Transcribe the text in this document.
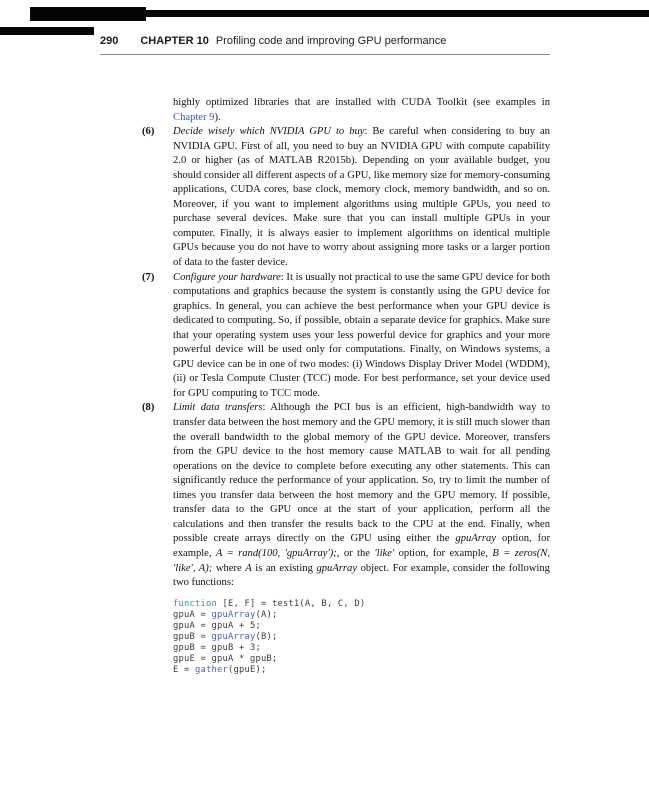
290 CHAPTER 10 Profiling code and improving GPU performance

highly optimized libraries that are installed with CUDA Toolkit (see examples in Chapter 9).

(6) Decide wisely which NVIDIA GPU to buy: Be careful when considering to buy an NVIDIA GPU. First of all, you need to buy an NVIDIA GPU with compute capability 2.0 or higher (as of MATLAB R2015b). Depending on your available budget, you should consider all different aspects of a GPU, like memory size for memory-consuming applications, CUDA cores, base clock, memory clock, memory bandwidth, and so on. Moreover, if you want to implement algorithms using multiple GPUs, you need to purchase several devices. Make sure that you can install multiple GPUs in your computer. Finally, it is always easier to implement algorithms on identical multiple GPUs because you do not have to worry about assigning more tasks or a larger portion of data to the faster device.
(7) Configure your hardware: It is usually not practical to use the same GPU device for both computations and graphics because the system is constantly using the GPU device for graphics. In general, you can achieve the best performance when your GPU device is dedicated to computing. So, if possible, obtain a separate device for graphics. Make sure that your operating system uses your less powerful device for graphics and your more powerful device will be used only for computations. Finally, on Windows systems, a GPU device can be in one of two modes: (i) Windows Display Driver Model (WDDM), (ii) or Tesla Compute Cluster (TCC) mode. For best performance, set your device used for GPU computing to TCC mode.
(8) Limit data transfers: Although the PCI bus is an efficient, high-bandwidth way to transfer data between the host memory and the GPU memory, it is still much slower than the overall bandwidth to the global memory of the GPU device. Moreover, transfers from the GPU device to the host memory cause MATLAB to wait for all pending operations on the device to complete before executing any other statements. This can significantly reduce the performance of your application. So, try to limit the number of times you transfer data between the host memory and the GPU memory. If possible, transfer data to the GPU once at the start of your application, perform all the calculations and then transfer the results back to the CPU at the end. Finally, when possible create arrays directly on the GPU using either the gpuArray option, for example, A = rand(100, 'gpuArray');, or the 'like' option, for example, B = zeros(N, 'like', A); where A is an existing gpuArray object. For example, consider the following two functions:
function [E, F] = test1(A, B, C, D)
gpuA = gpuArray(A);
gpuA = gpuA + 5;
gpuB = gpuArray(B);
gpuB = gpuB + 3;
gpuE = gpuA * gpuB;
E = gather(gpuE);
